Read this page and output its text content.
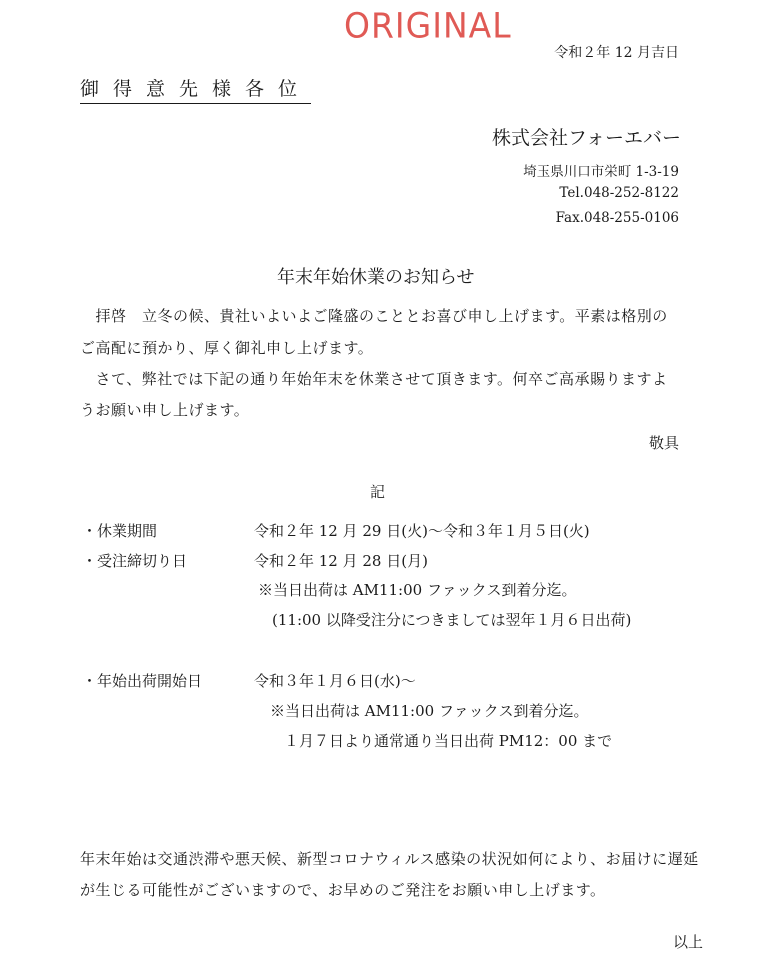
ORIGINAL
令和２年 12 月吉日
御得意先様各位
株式会社フォーエバー
埼玉県川口市栄町 1-3-19
Tel.048-252-8122
Fax.048-255-0106
年末年始休業のお知らせ
　拝啓　立冬の候、貴社いよいよご隆盛のこととお喜び申し上げます。平素は格別の
ご高配に預かり、厚く御礼申し上げます。
　さて、弊社では下記の通り年始年末を休業させて頂きます。何卒ご高承賜りますよ
うお願い申し上げます。
敬具
記
・休業期間	令和２年 12 月 29 日(火)～令和３年１月５日(火)
・受注締切り日	令和２年 12 月 28 日(月)
※当日出荷は AM11:00 ファックス到着分迄。
(11:00 以降受注分につきましては翌年１月６日出荷)
・年始出荷開始日	令和３年１月６日(水)～
※当日出荷は AM11:00 ファックス到着分迄。
１月７日より通常通り当日出荷 PM12：00 まで
年末年始は交通渋滞や悪天候、新型コロナウィルス感染の状況如何により、お届けに遅延
が生じる可能性がございますので、お早めのご発注をお願い申し上げます。
以上
